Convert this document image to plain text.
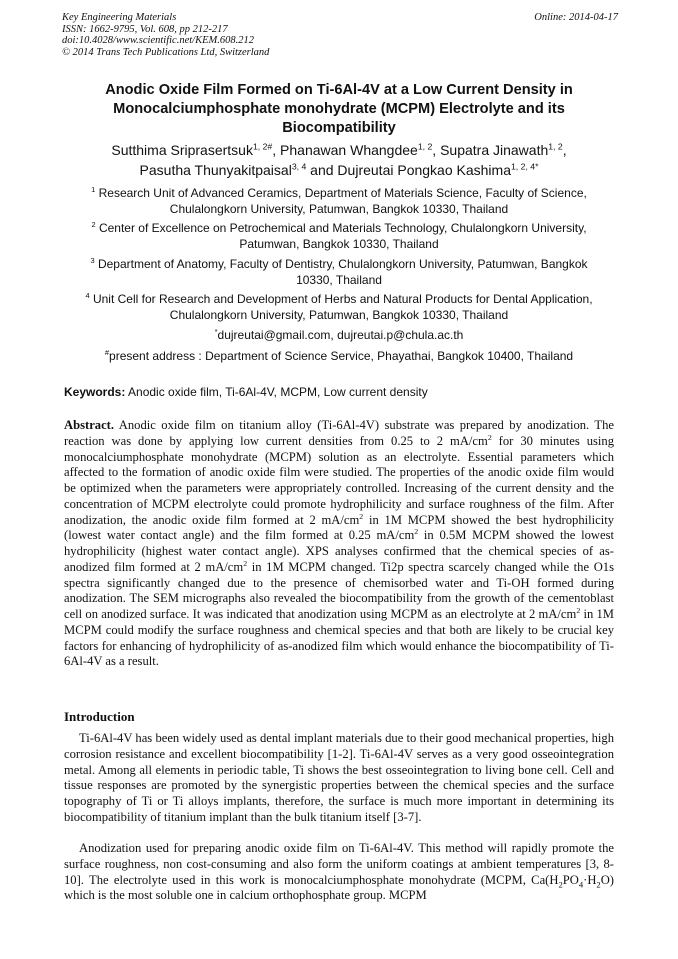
Key Engineering Materials
ISSN: 1662-9795, Vol. 608, pp 212-217
doi:10.4028/www.scientific.net/KEM.608.212
© 2014 Trans Tech Publications Ltd, Switzerland
Online: 2014-04-17
Anodic Oxide Film Formed on Ti-6Al-4V at a Low Current Density in
Monocalciumphosphate monohydrate (MCPM) Electrolyte and its
Biocompatibility
Sutthima Sriprasertsuk$^{1, 2\#}$, Phanawan Whangdee$^{1, 2}$, Supatra Jinawath$^{1, 2}$,
Pasutha Thunyakitpaisal$^{3, 4}$ and Dujreutai Pongkao Kashima$^{1, 2, 4*}$
$^1$ Research Unit of Advanced Ceramics, Department of Materials Science, Faculty of Science,
Chulalongkorn University, Patumwan, Bangkok 10330, Thailand
$^2$ Center of Excellence on Petrochemical and Materials Technology, Chulalongkorn University,
Patumwan, Bangkok 10330, Thailand
$^3$ Department of Anatomy, Faculty of Dentistry, Chulalongkorn University, Patumwan, Bangkok
10330, Thailand
$^4$ Unit Cell for Research and Development of Herbs and Natural Products for Dental Application,
Chulalongkorn University, Patumwan, Bangkok 10330, Thailand
*dujreutai@gmail.com, dujreutai.p@chula.ac.th
#present address : Department of Science Service, Phayathai, Bangkok 10400, Thailand
Keywords: Anodic oxide film, Ti-6Al-4V, MCPM, Low current density
Abstract. Anodic oxide film on titanium alloy (Ti-6Al-4V) substrate was prepared by anodization. The reaction was done by applying low current densities from 0.25 to 2 $mA/cm^2$ for 30 minutes using monocalciumphosphate monohydrate (MCPM) solution as an electrolyte. Essential parameters which affected to the formation of anodic oxide film were studied. The properties of the anodic oxide film would be optimized when the parameters were appropriately controlled. Increasing of the current density and the concentration of MCPM electrolyte could promote hydrophilicity and surface roughness of the film. After anodization, the anodic oxide film formed at 2 $mA/cm^2$ in 1M MCPM showed the best hydrophilicity (lowest water contact angle) and the film formed at 0.25 $mA/cm^2$ in 0.5M MCPM showed the lowest hydrophilicity (highest water contact angle). XPS analyses confirmed that the chemical species of as-anodized film formed at 2 $mA/cm^2$ in 1M MCPM changed. Ti2p spectra scarcely changed while the O1s spectra significantly changed due to the presence of chemisorbed water and Ti-OH formed during anodization. The SEM micrographs also revealed the biocompatibility from the growth of the cementoblast cell on anodized surface. It was indicated that anodization using MCPM as an electrolyte at 2 $mA/cm^2$ in 1M MCPM could modify the surface roughness and chemical species and that both are likely to be crucial key factors for enhancing of hydrophilicity of as-anodized film which would enhance the biocompatibility of Ti-6Al-4V as a result.
Introduction
Ti-6Al-4V has been widely used as dental implant materials due to their good mechanical properties, high corrosion resistance and excellent biocompatibility [1-2]. Ti-6Al-4V serves as a very good osseointegration metal. Among all elements in periodic table, Ti shows the best osseointegration to living bone cell. Cell and tissue responses are promoted by the synergistic properties between the chemical species and the surface topography of Ti or Ti alloys implants, therefore, the surface is much more important in determining its biocompatibility of titanium implant than the bulk titanium itself [3-7].
Anodization used for preparing anodic oxide film on Ti-6Al-4V. This method will rapidly promote the surface roughness, non cost-consuming and also form the uniform coatings at ambient temperatures [3, 8-10]. The electrolyte used in this work is monocalciumphosphate monohydrate (MCPM, $Ca(H_2PO_4\cdot H_2O)$ which is the most soluble one in calcium orthophosphate group. MCPM
